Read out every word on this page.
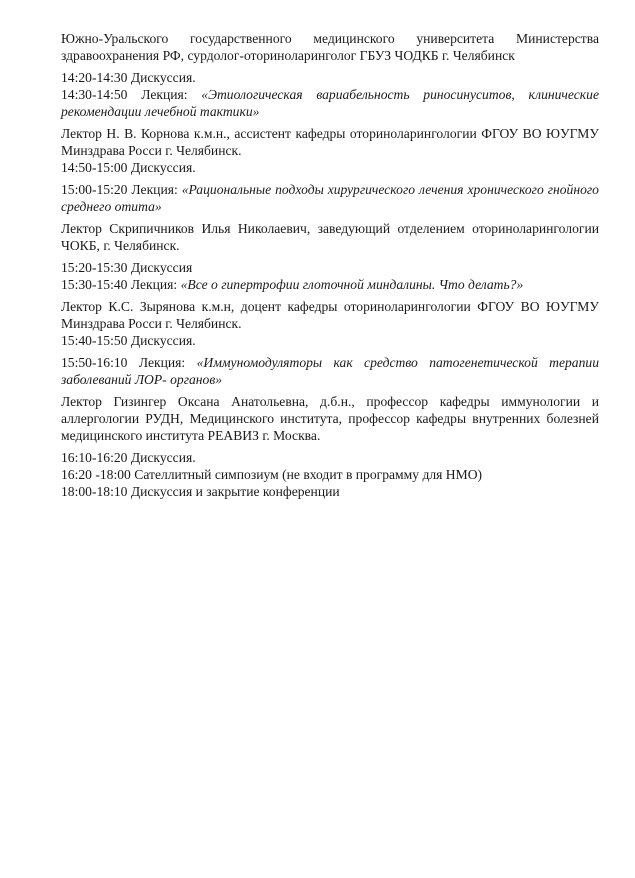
Южно-Уральского государственного медицинского университета Министерства здравоохранения РФ, сурдолог-оториноларинголог ГБУЗ ЧОДКБ г. Челябинск

14:20-14:30 Дискуссия.

14:30-14:50 Лекция: «Этиологическая вариабельность риносинуситов, клинические рекомендации лечебной тактики»

Лектор Н. В. Корнова к.м.н., ассистент кафедры оториноларингологии ФГОУ ВО ЮУГМУ Минздрава Росси г. Челябинск.

14:50-15:00 Дискуссия.

15:00-15:20 Лекция: «Рациональные подходы хирургического лечения хронического гнойного среднего отита»

Лектор Скрипичников Илья Николаевич, заведующий отделением оториноларингологии ЧОКБ, г. Челябинск.

15:20-15:30 Дискуссия

15:30-15:40 Лекция: «Все о гипертрофии глоточной миндалины. Что делать?»

Лектор К.С. Зырянова к.м.н, доцент кафедры оториноларингологии ФГОУ ВО ЮУГМУ Минздрава Росси г. Челябинск.

15:40-15:50 Дискуссия.

15:50-16:10 Лекция: «Иммуномодуляторы как средство патогенетической терапии заболеваний ЛОР- органов»

Лектор Гизингер Оксана Анатольевна, д.б.н., профессор кафедры иммунологии и аллергологии РУДН, Медицинского института, профессор кафедры внутренних болезней медицинского института РЕАВИЗ г. Москва.

16:10-16:20 Дискуссия.

16:20 -18:00 Сателлитный симпозиум (не входит в программу для НМО)

18:00-18:10 Дискуссия и закрытие конференции
